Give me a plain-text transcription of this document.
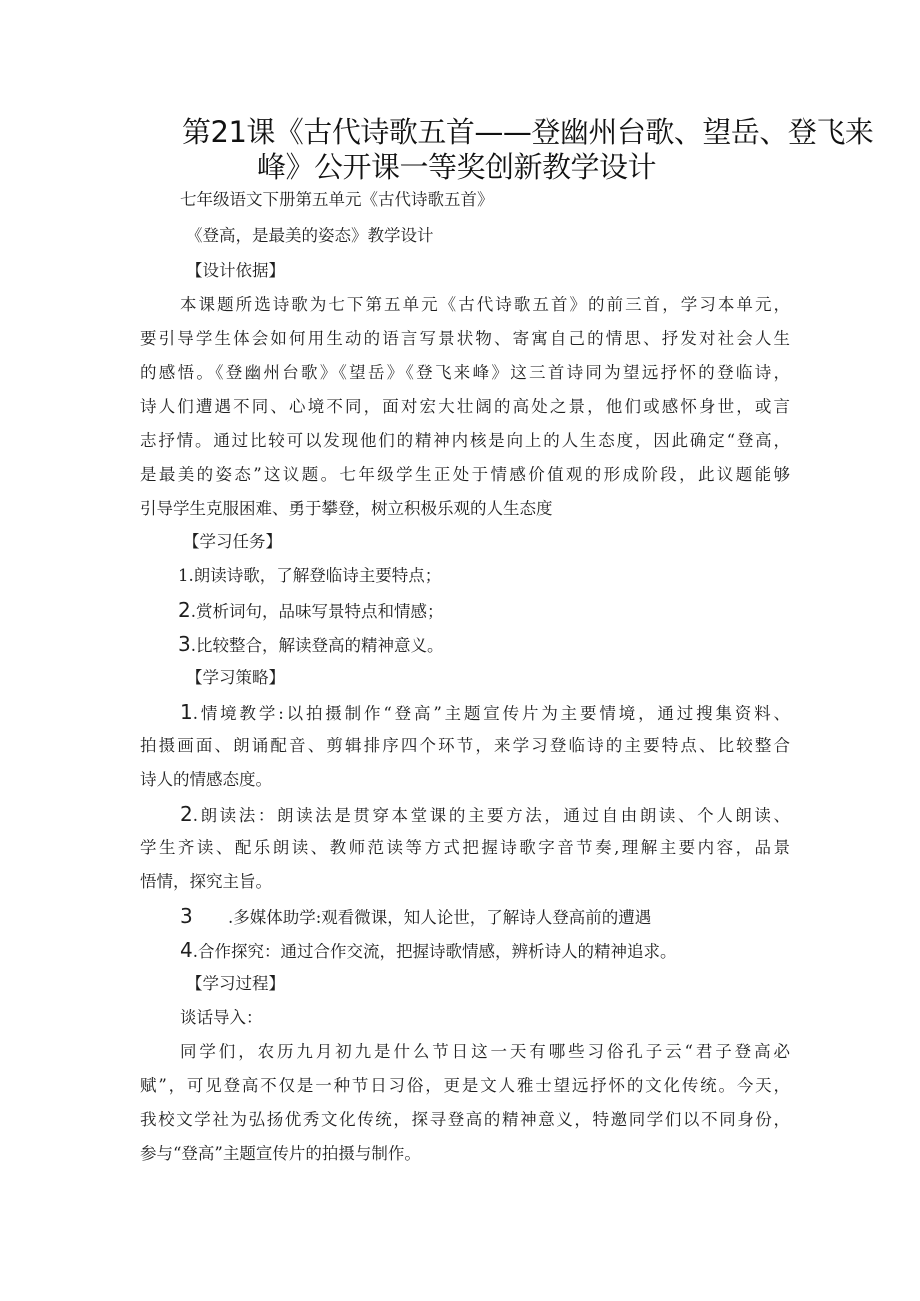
第21课《古代诗歌五首——登幽州台歌、望岳、登飞来
峰》公开课一等奖创新教学设计
七年级语文下册第五单元《古代诗歌五首》
《登高，是最美的姿态》教学设计
【设计依据】
本课题所选诗歌为七下第五单元《古代诗歌五首》的前三首，学习本单元，
要引导学生体会如何用生动的语言写景状物、寄寓自己的情思、抒发对社会人生
的感悟。《登幽州台歌》《望岳》《登飞来峰》这三首诗同为望远抒怀的登临诗，
诗人们遭遇不同、心境不同，面对宏大壮阔的高处之景，他们或感怀身世，或言
志抒情。通过比较可以发现他们的精神内核是向上的人生态度，因此确定“登高，
是最美的姿态”这议题。七年级学生正处于情感价值观的形成阶段，此议题能够
引导学生克服困难、勇于攀登，树立积极乐观的人生态度
【学习任务】
1.朗读诗歌，了解登临诗主要特点；
2.赏析词句，品味写景特点和情感；
3.比较整合，解读登高的精神意义。
【学习策略】
1.情境教学:以拍摄制作“登高”主题宣传片为主要情境，通过搜集资料、
拍摄画面、朗诵配音、剪辑排序四个环节，来学习登临诗的主要特点、比较整合
诗人的情感态度。
2.朗读法：朗读法是贯穿本堂课的主要方法，通过自由朗读、个人朗读、
学生齐读、配乐朗读、教师范读等方式把握诗歌字音节奏,理解主要内容，品景
悟情，探究主旨。
3 .多媒体助学:观看微课，知人论世，了解诗人登高前的遭遇
4.合作探究：通过合作交流，把握诗歌情感，辨析诗人的精神追求。
【学习过程】
谈话导入：
同学们，农历九月初九是什么节日这一天有哪些习俗孔子云“君子登高必
赋”，可见登高不仅是一种节日习俗，更是文人雅士望远抒怀的文化传统。今天，
我校文学社为弘扬优秀文化传统，探寻登高的精神意义，特邀同学们以不同身份，
参与“登高”主题宣传片的拍摄与制作。
